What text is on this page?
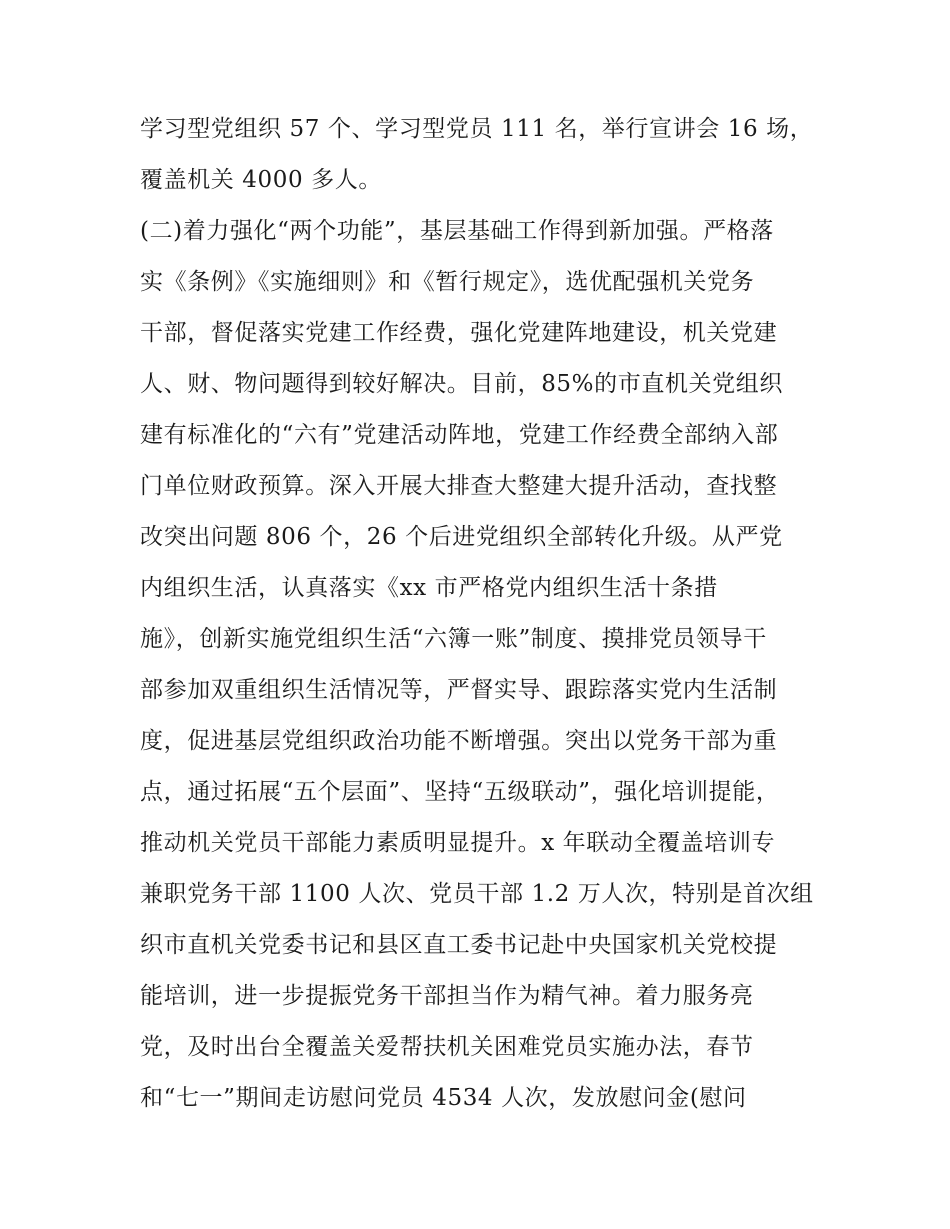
学习型党组织 57 个、学习型党员 111 名，举行宣讲会 16 场，
覆盖机关 4000 多人。
(二)着力强化“两个功能”，基层基础工作得到新加强。严格落
实《条例》《实施细则》和《暂行规定》，选优配强机关党务
干部，督促落实党建工作经费，强化党建阵地建设，机关党建
人、财、物问题得到较好解决。目前，85%的市直机关党组织
建有标准化的“六有”党建活动阵地，党建工作经费全部纳入部
门单位财政预算。深入开展大排查大整建大提升活动，查找整
改突出问题 806 个，26 个后进党组织全部转化升级。从严党
内组织生活，认真落实《xx 市严格党内组织生活十条措
施》，创新实施党组织生活“六簿一账”制度、摸排党员领导干
部参加双重组织生活情况等，严督实导、跟踪落实党内生活制
度，促进基层党组织政治功能不断增强。突出以党务干部为重
点，通过拓展“五个层面”、坚持“五级联动”，强化培训提能，
推动机关党员干部能力素质明显提升。x 年联动全覆盖培训专
兼职党务干部 1100 人次、党员干部 1.2 万人次，特别是首次组
织市直机关党委书记和县区直工委书记赴中央国家机关党校提
能培训，进一步提振党务干部担当作为精气神。着力服务亮
党，及时出台全覆盖关爱帮扶机关困难党员实施办法，春节
和“七一”期间走访慰问党员 4534 人次，发放慰问金(慰问
